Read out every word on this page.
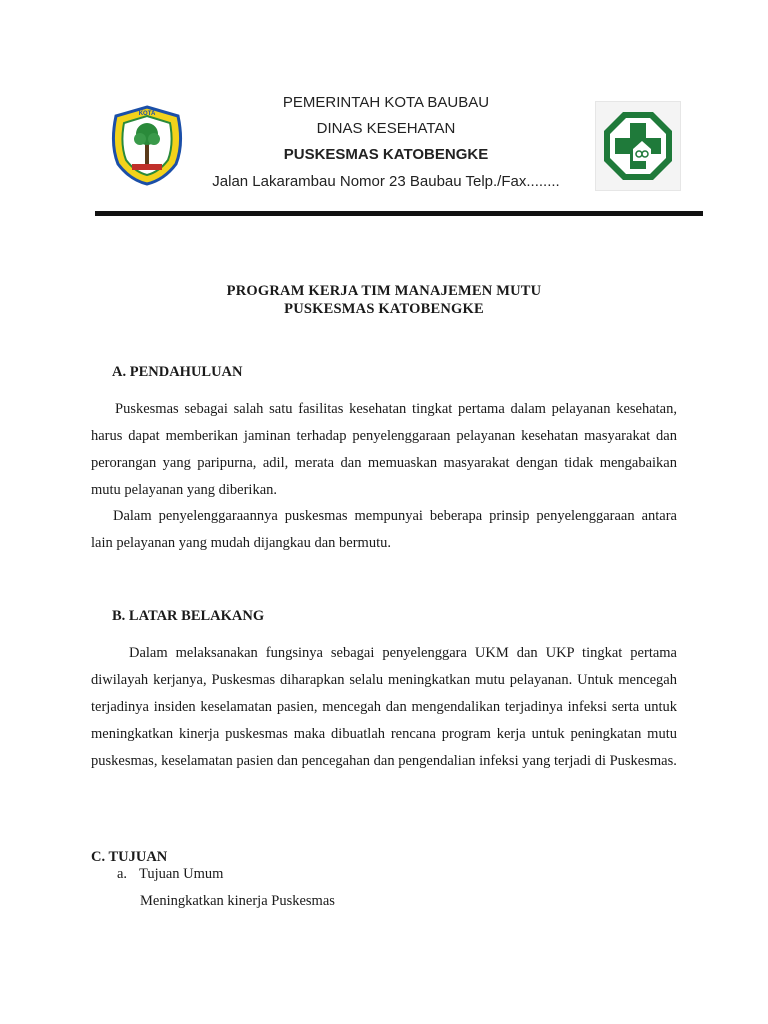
KOTA
PEMERINTAH KOTA BAUBAU
DINAS KESEHATAN
PUSKESMAS KATOBENGKE
Jalan Lakarambau Nomor 23 Baubau Telp./Fax........
PROGRAM KERJA TIM MANAJEMEN MUTU
PUSKESMAS KATOBENGKE
A. PENDAHULUAN

Puskesmas sebagai salah satu fasilitas kesehatan tingkat pertama dalam pelayanan kesehatan, harus dapat memberikan jaminan terhadap penyelenggaraan pelayanan kesehatan masyarakat dan perorangan yang paripurna, adil, merata dan memuaskan masyarakat dengan tidak mengabaikan mutu pelayanan yang diberikan.

Dalam penyelenggaraannya puskesmas mempunyai beberapa prinsip penyelenggaraan antara lain pelayanan yang mudah dijangkau dan bermutu.

B. LATAR BELAKANG

Dalam melaksanakan fungsinya sebagai penyelenggara UKM dan UKP tingkat pertama diwilayah kerjanya, Puskesmas diharapkan selalu meningkatkan mutu pelayanan. Untuk mencegah terjadinya insiden keselamatan pasien, mencegah dan mengendalikan terjadinya infeksi serta untuk meningkatkan kinerja puskesmas maka dibuatlah rencana program kerja untuk peningkatan mutu puskesmas, keselamatan pasien dan pencegahan dan pengendalian infeksi yang terjadi di Puskesmas.

C. TUJUAN
a. Tujuan Umum
Meningkatkan kinerja Puskesmas
